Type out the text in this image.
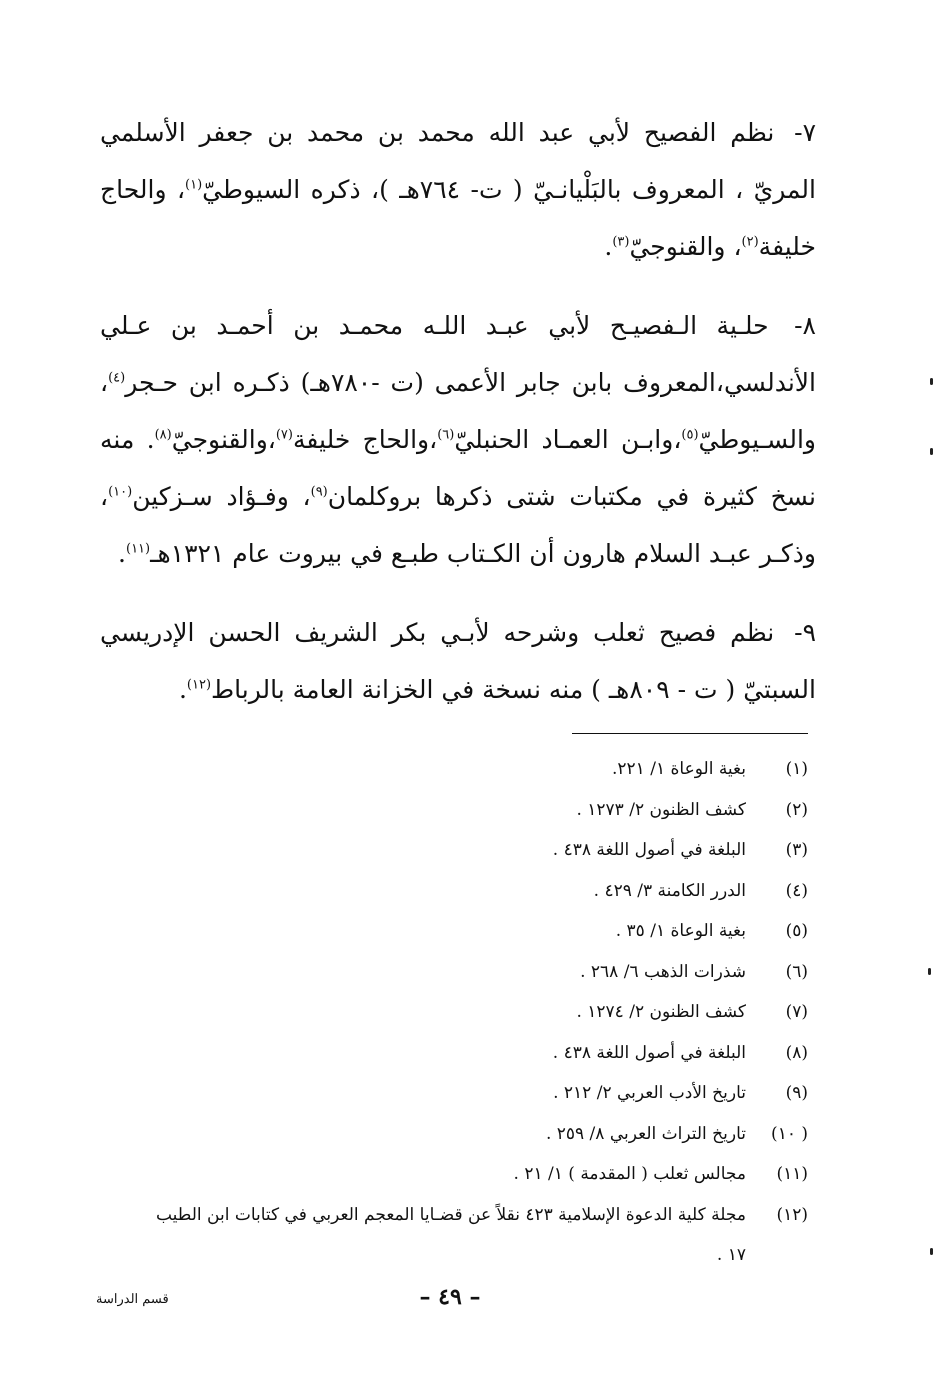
٧- نظم الفصيح لأبي عبد الله محمد بن محمد بن جعفر الأسلمي المريّ ، المعروف بالبَلْيانـيّ ( ت- ٧٦٤هـ )، ذكره السيوطيّ$^{(١)}$، والحاج خليفة$^{(٢)}$، والقنوجيّ$^{(٣)}$.

٨- حلـية الـفصيـح لأبي عبـد اللـه محمـد بن أحمـد بن عـلي الأندلسي،المعروف بابن جابر الأعمى (ت -٧٨٠هـ) ذكـره ابن حـجر$^{(٤)}$، والسـيوطيّ$^{(٥)}$،وابـن العمـاد الحنبليّ$^{(٦)}$،والحاج خليفة$^{(٧)}$،والقنوجيّ$^{(٨)}$. منه نسخ كثيرة في مكتبات شتى ذكرها بروكلمان$^{(٩)}$، وفـؤاد سـزكين$^{(١٠)}$، وذكـر عبـد السلام هارون أن الكـتاب طبـع في بيروت عام ١٣٢١هـ$^{(١١)}$.

٩- نظم فصيح ثعلب وشرحه لأبـي بكر الشريف الحسن الإدريسي السبتيّ ( ت - ٨٠٩هـ ) منه نسخة في الخزانة العامة بالرباط$^{(١٢)}$.

(١)
بغية الوعاة ١/ ٢٢١.
(٢)
كشف الظنون ٢/ ١٢٧٣ .
(٣)
البلغة في أصول اللغة ٤٣٨ .
(٤)
الدرر الكامنة ٣/ ٤٢٩ .
(٥)
بغية الوعاة ١/ ٣٥ .
(٦)
شذرات الذهب ٦/ ٢٦٨ .
(٧)
كشف الظنون ٢/ ١٢٧٤ .
(٨)
البلغة في أصول اللغة ٤٣٨ .
(٩)
تاريخ الأدب العربي ٢/ ٢١٢ .
( ١٠)
تاريخ التراث العربي ٨/ ٢٥٩ .
(١١)
مجالس ثعلب ( المقدمة ) ١/ ٢١ .
(١٢)
مجلة كلية الدعوة الإسلامية ٤٢٣ نقلاً عن قضـايا المعجم العربي في كتابات ابن الطيب
١٧ .
– ٤٩ –
قسم الدراسة
